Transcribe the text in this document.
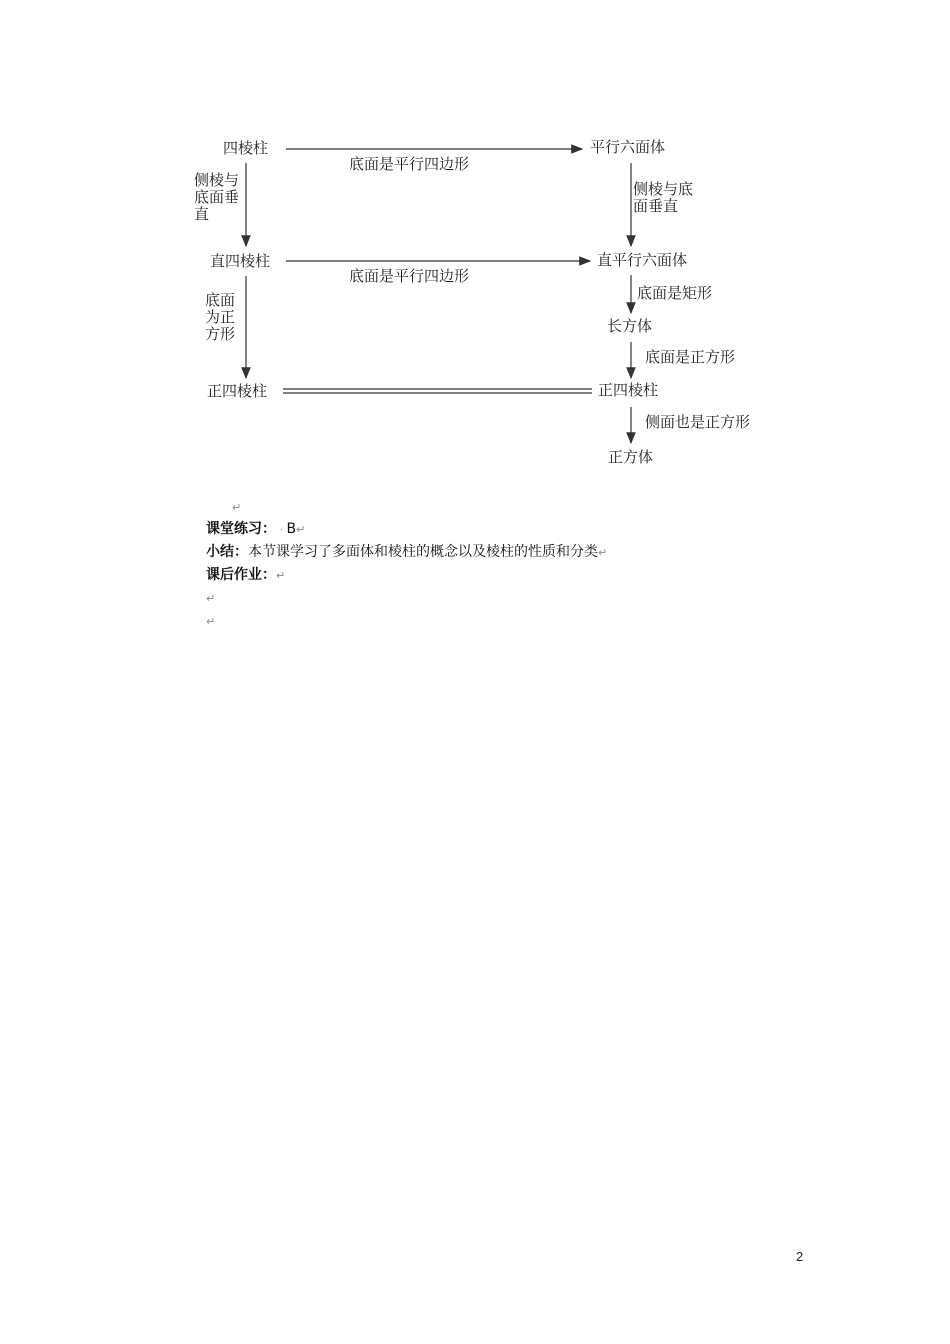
四棱柱	平行六面体
直四棱柱	直平行六面体
正四棱柱	正四棱柱
长方体
正方体
底面是平行四边形
底面是平行四边形
侧棱与底面垂直
侧棱与底面垂直
底面为正方形
底面是矩形
底面是正方形
侧面也是正方形
↵
课堂练习： · B↵
小结：本节课学习了多面体和棱柱的概念以及棱柱的性质和分类↵
课后作业：↵
↵
↵
2
